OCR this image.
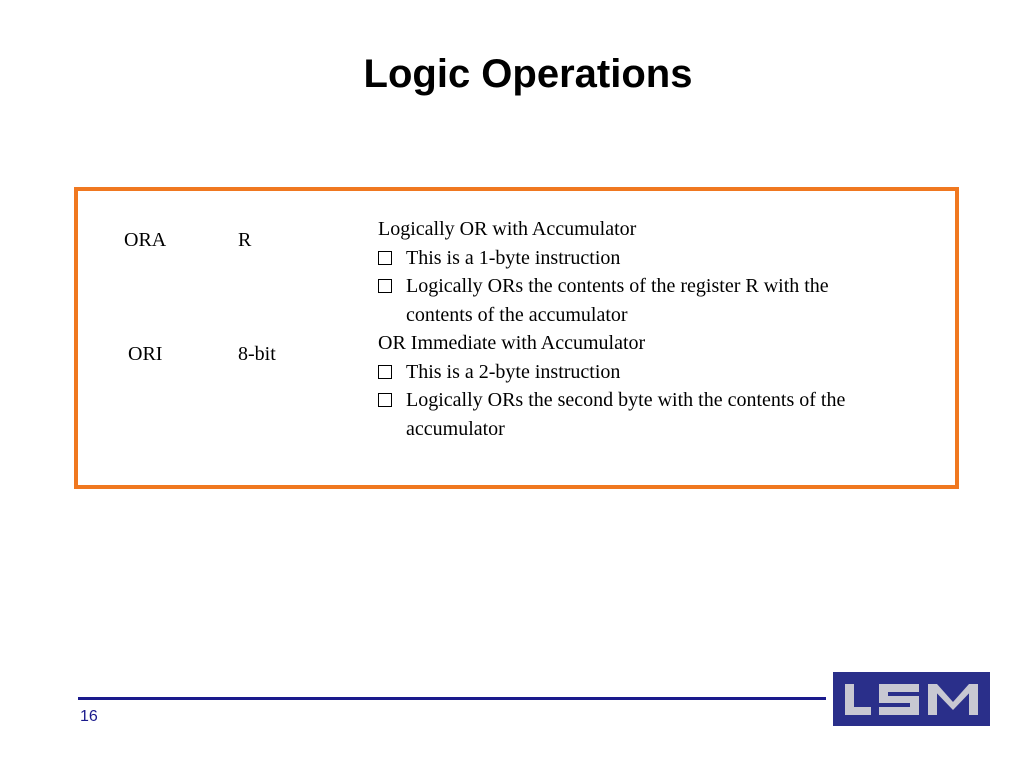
Logic Operations
ORA	R	Logically OR with Accumulator
This is a 1-byte instruction
Logically ORs the contents of the register R with the
contents of the accumulator
ORI	8-bit	OR Immediate with Accumulator
This is a 2-byte instruction
Logically ORs the second byte with the contents of the
accumulator
16
